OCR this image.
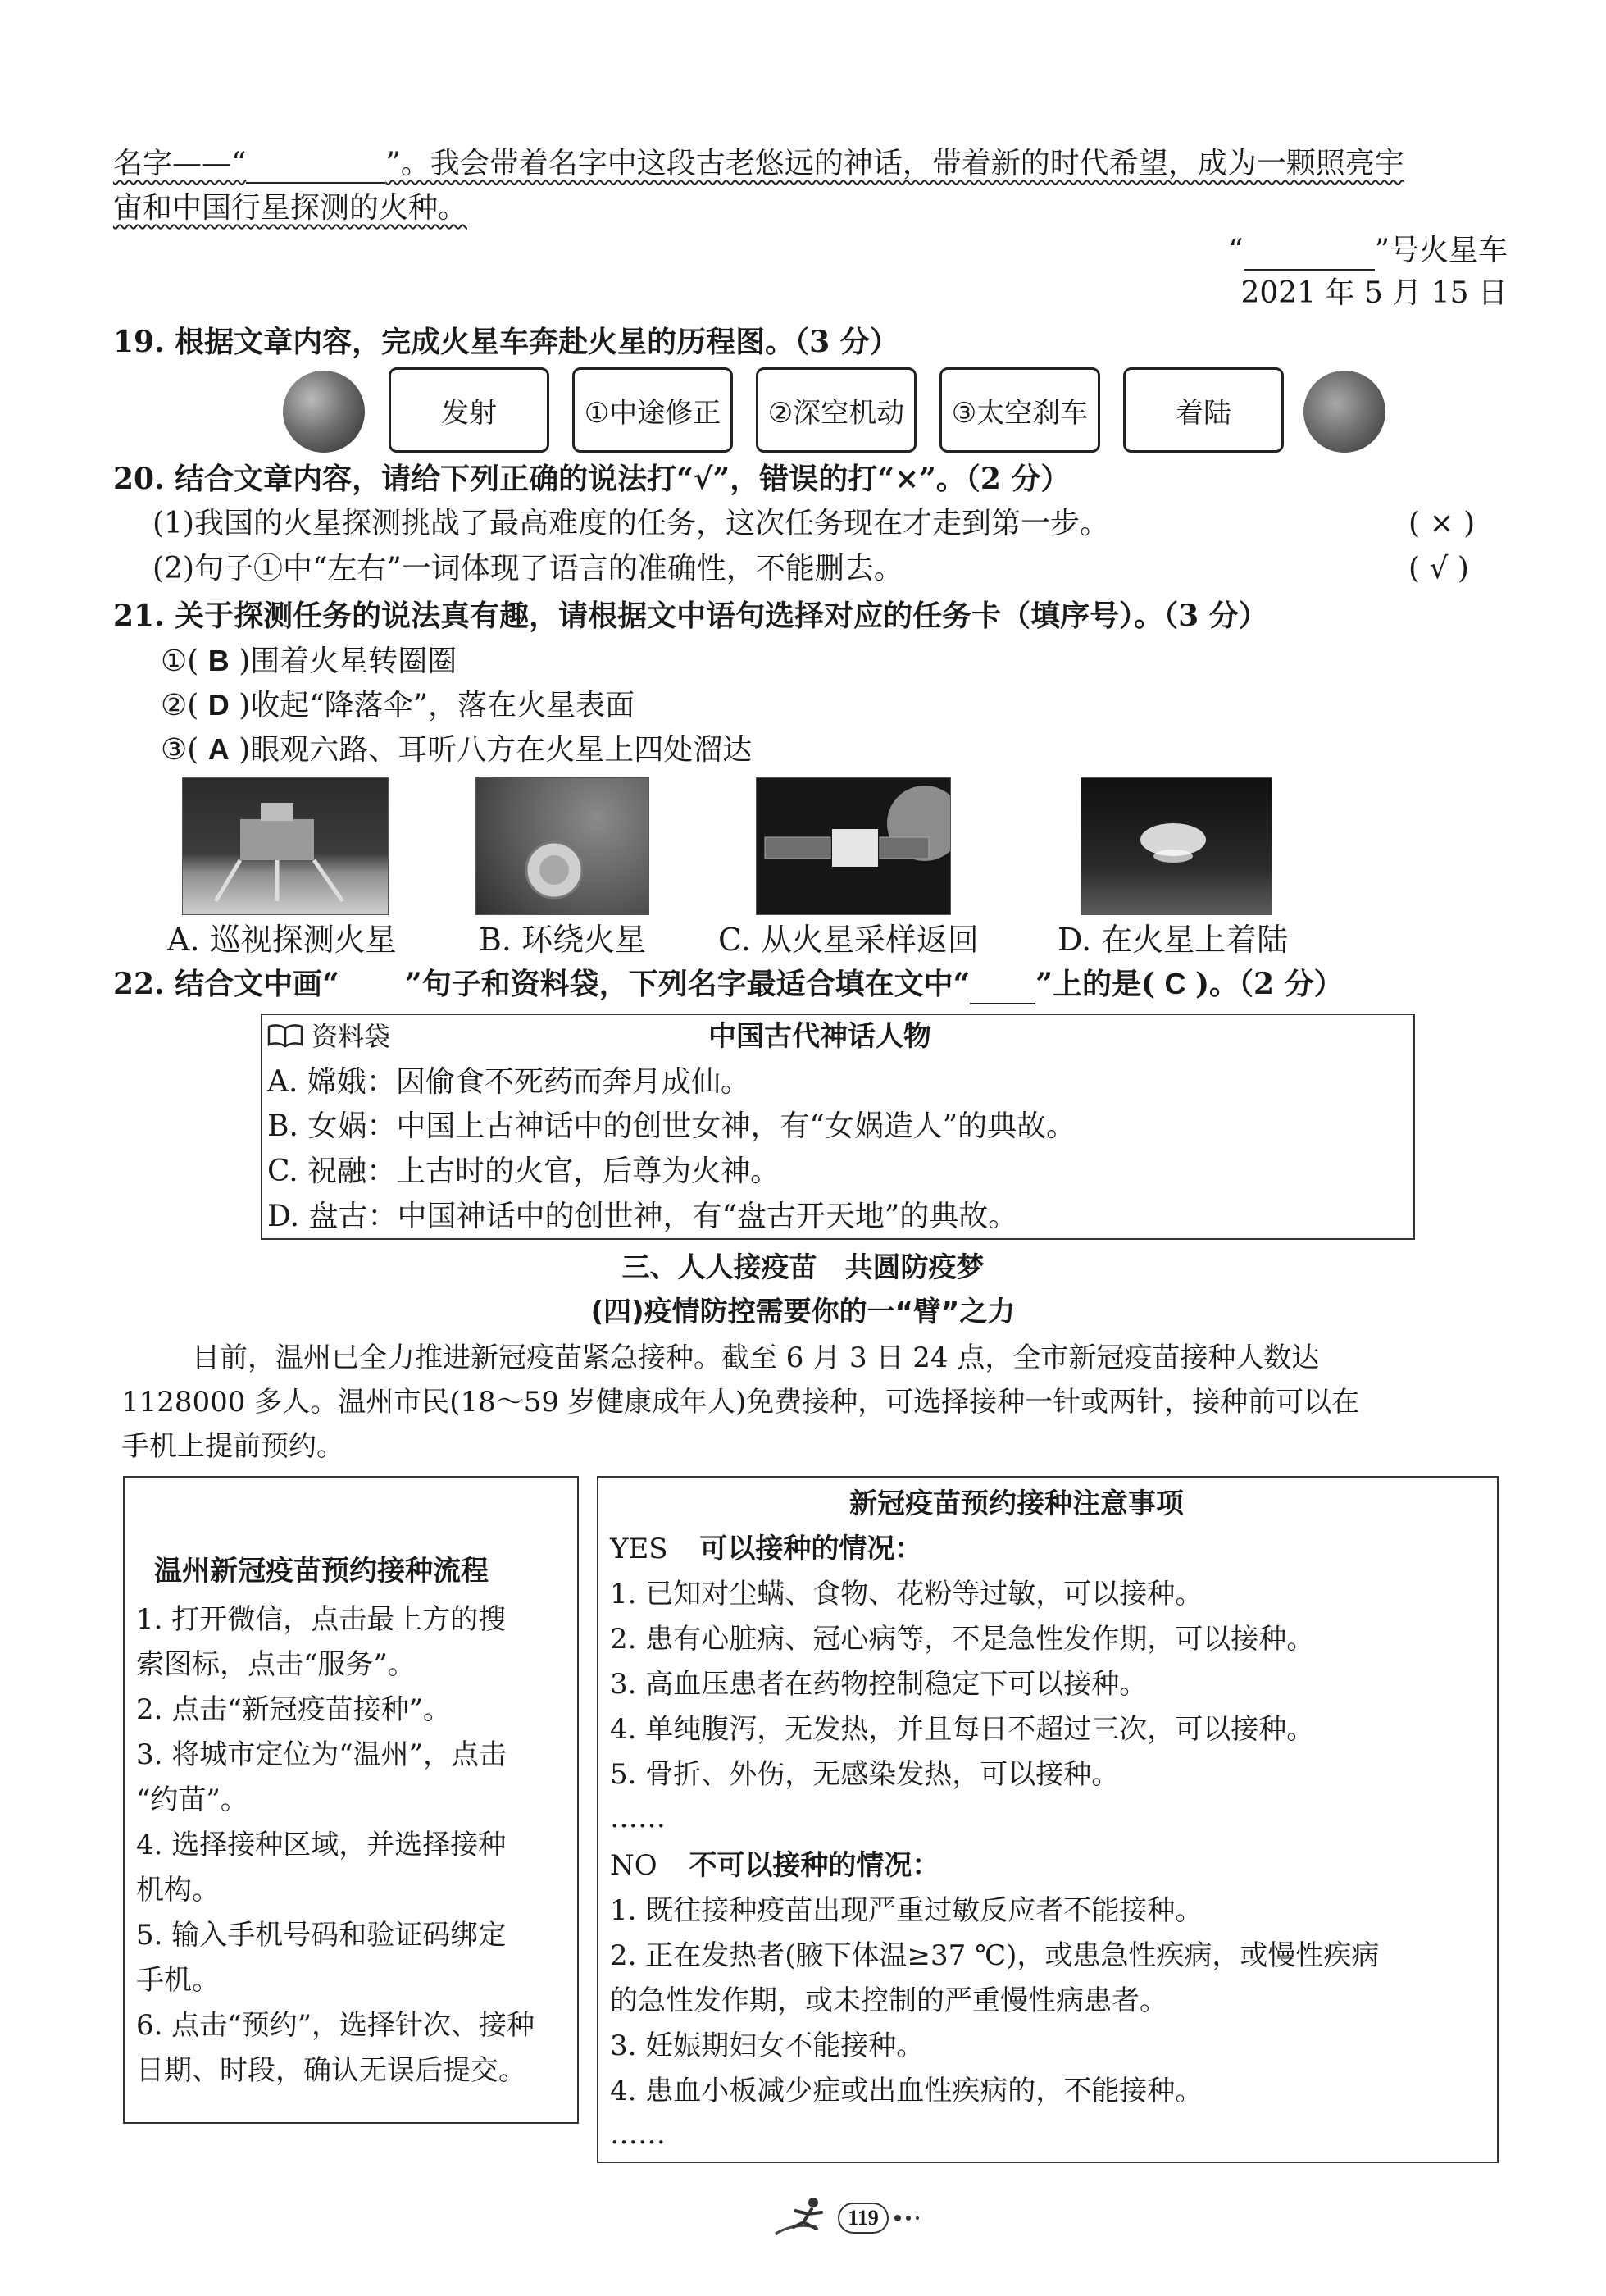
名字——“	”。我会带着名字中这段古老悠远的神话，带着新的时代希望，成为一颗照亮宇
宙和中国行星探测的火种。
“	”号火星车
2021 年 5 月 15 日
19. 根据文章内容，完成火星车奔赴火星的历程图。（3 分）
发射	①中途修正 ②深空机动 ③太空刹车	着陆
20. 结合文章内容，请给下列正确的说法打“√”，错误的打“×”。（2 分）
(1)我国的火星探测挑战了最高难度的任务，这次任务现在才走到第一步。	( × )
(2)句子①中“左右”一词体现了语言的准确性，不能删去。	( √ )
21. 关于探测任务的说法真有趣，请根据文中语句选择对应的任务卡（填序号）。（3 分）
①( B )围着火星转圈圈
②( D )收起“降落伞”，落在火星表面
③( A )眼观六路、耳听八方在火星上四处溜达
A. 巡视探测火星	B. 环绕火星 C. 从火星采样返回	D. 在火星上着陆
22. 结合文中画“ ”句子和资料袋，下列名字最适合填在文中“ ”上的是( C )。（2 分）
资料袋	中国古代神话人物
A. 嫦娥：因偷食不死药而奔月成仙。
B. 女娲：中国上古神话中的创世女神，有“女娲造人”的典故。
C. 祝融：上古时的火官，后尊为火神。
D. 盘古：中国神话中的创世神，有“盘古开天地”的典故。
三、人人接疫苗　共圆防疫梦
(四)疫情防控需要你的一“臂”之力
目前，温州已全力推进新冠疫苗紧急接种。截至 6 月 3 日 24 点，全市新冠疫苗接种人数达
1128000 多人。温州市民(18～59 岁健康成年人)免费接种，可选择接种一针或两针，接种前可以在
手机上提前预约。
温州新冠疫苗预约接种流程
1. 打开微信，点击最上方的搜
索图标，点击“服务”。
2. 点击“新冠疫苗接种”。
3. 将城市定位为“温州”，点击
“约苗”。
4. 选择接种区域，并选择接种
机构。
5. 输入手机号码和验证码绑定
手机。
6. 点击“预约”，选择针次、接种
日期、时段，确认无误后提交。
新冠疫苗预约接种注意事项
YES 可以接种的情况：
1. 已知对尘螨、食物、花粉等过敏，可以接种。
2. 患有心脏病、冠心病等，不是急性发作期，可以接种。
3. 高血压患者在药物控制稳定下可以接种。
4. 单纯腹泻，无发热，并且每日不超过三次，可以接种。
5. 骨折、外伤，无感染发热，可以接种。
……
NO 不可以接种的情况：
1. 既往接种疫苗出现严重过敏反应者不能接种。
2. 正在发热者(腋下体温≥37 ℃)，或患急性疾病，或慢性疾病
的急性发作期，或未控制的严重慢性病患者。
3. 妊娠期妇女不能接种。
4. 患血小板减少症或出血性疾病的，不能接种。
……
119
